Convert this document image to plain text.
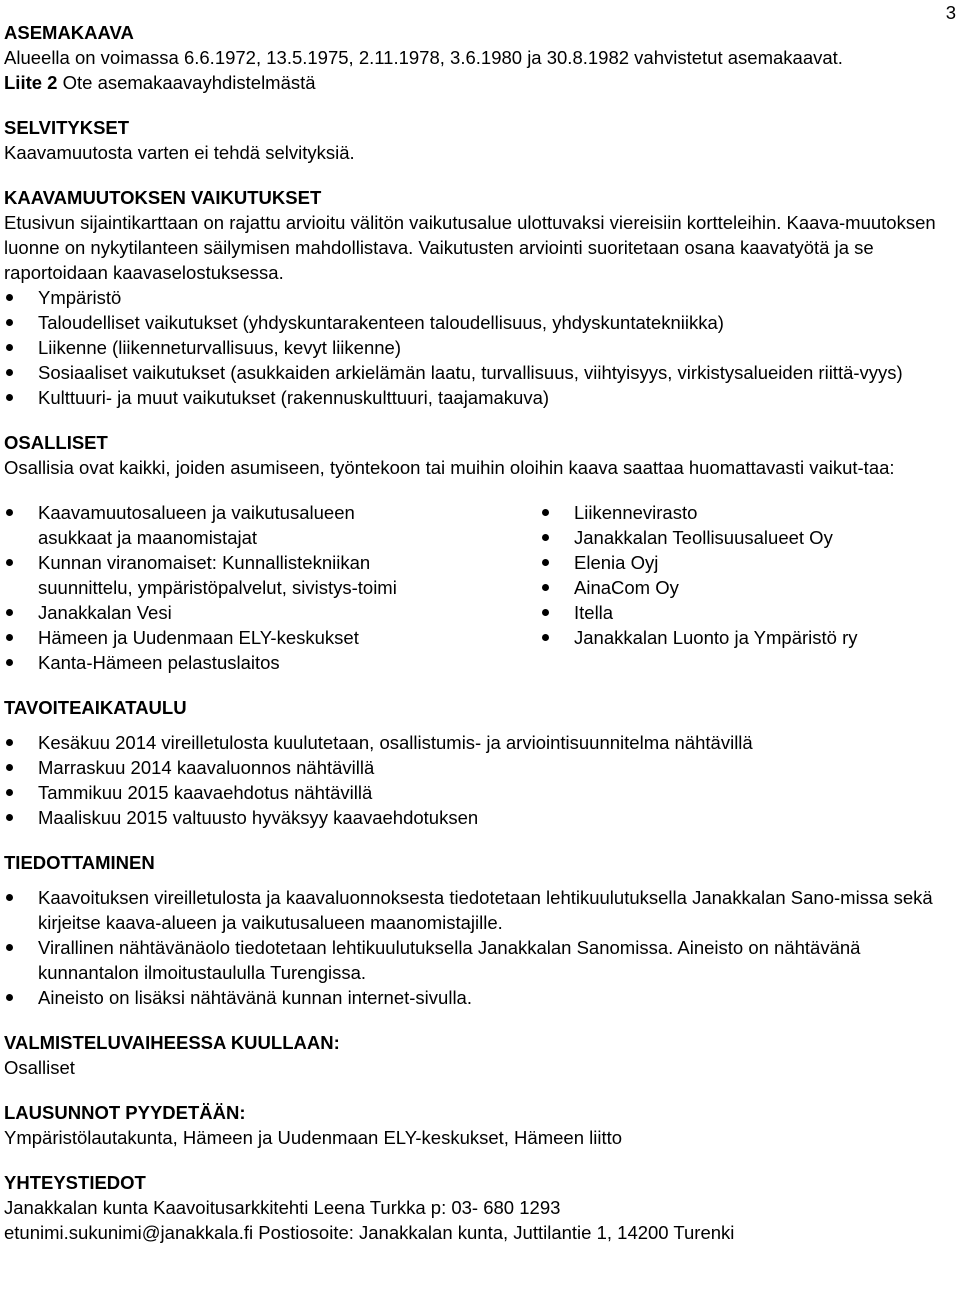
3
ASEMAKAAVA

Alueella on voimassa 6.6.1972, 13.5.1975, 2.11.1978, 3.6.1980 ja 30.8.1982 vahvistetut asemakaavat.

Liite 2 Ote asemakaavayhdistelmästä

SELVITYKSET

Kaavamuutosta varten ei tehdä selvityksiä.

KAAVAMUUTOKSEN VAIKUTUKSET

Etusivun sijaintikarttaan on rajattu arvioitu välitön vaikutusalue ulottuvaksi viereisiin kortteleihin. Kaava-muutoksen luonne on nykytilanteen säilymisen mahdollistava. Vaikutusten arviointi suoritetaan osana kaavatyötä ja se raportoidaan kaavaselostuksessa.

Ympäristö
Taloudelliset vaikutukset (yhdyskuntarakenteen taloudellisuus, yhdyskuntatekniikka)
Liikenne (liikenneturvallisuus, kevyt liikenne)
Sosiaaliset vaikutukset (asukkaiden arkielämän laatu, turvallisuus, viihtyisyys, virkistysalueiden riittä-vyys)
Kulttuuri- ja muut vaikutukset (rakennuskulttuuri, taajamakuva)
OSALLISET

Osallisia ovat kaikki, joiden asumiseen, työntekoon tai muihin oloihin kaava saattaa huomattavasti vaikut-taa:

Kaavamuutosalueen ja vaikutusalueen asukkaat ja maanomistajat
Kunnan viranomaiset: Kunnallistekniikan suunnittelu, ympäristöpalvelut, sivistys-toimi
Janakkalan Vesi
Hämeen ja Uudenmaan ELY-keskukset
Kanta-Hämeen pelastuslaitos
Liikennevirasto
Janakkalan Teollisuusalueet Oy
Elenia Oyj
AinaCom Oy
Itella
Janakkalan Luonto ja Ympäristö ry
TAVOITEAIKATAULU
Kesäkuu 2014 vireilletulosta kuulutetaan, osallistumis- ja arviointisuunnitelma nähtävillä
Marraskuu 2014 kaavaluonnos nähtävillä
Tammikuu 2015 kaavaehdotus nähtävillä
Maaliskuu 2015 valtuusto hyväksyy kaavaehdotuksen
TIEDOTTAMINEN
Kaavoituksen vireilletulosta ja kaavaluonnoksesta tiedotetaan lehtikuulutuksella Janakkalan Sano-missa sekä kirjeitse kaava-alueen ja vaikutusalueen maanomistajille.
Virallinen nähtävänäolo tiedotetaan lehtikuulutuksella Janakkalan Sanomissa. Aineisto on nähtävänä kunnantalon ilmoitustaululla Turengissa.
Aineisto on lisäksi nähtävänä kunnan internet-sivulla.
VALMISTELUVAIHEESSA KUULLAAN:

Osalliset

LAUSUNNOT PYYDETÄÄN:

Ympäristölautakunta, Hämeen ja Uudenmaan ELY-keskukset, Hämeen liitto

YHTEYSTIEDOT

Janakkalan kunta Kaavoitusarkkitehti Leena Turkka p: 03- 680 1293

etunimi.sukunimi@janakkala.fi Postiosoite: Janakkalan kunta, Juttilantie 1, 14200 Turenki
